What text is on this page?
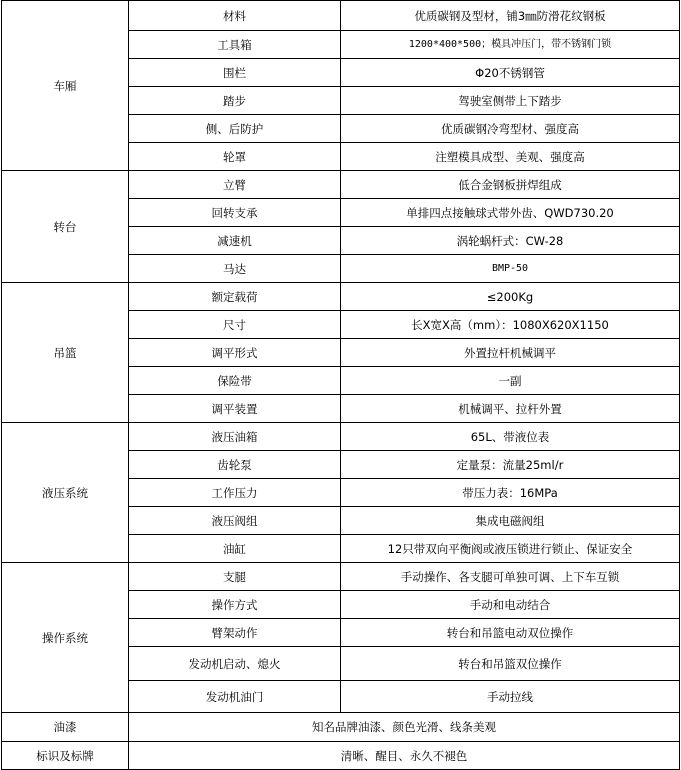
车厢	材料	优质碳钢及型材，铺3㎜防滑花纹钢板
	工具箱	1200*400*500；模具冲压门，带不锈钢门锁
	围栏	Φ20不锈钢管
	踏步	驾驶室侧带上下踏步
	侧、后防护	优质碳钢冷弯型材、强度高
	轮罩	注塑模具成型、美观、强度高
转台	立臂	低合金钢板拼焊组成
	回转支承	单排四点接触球式带外齿、QWD730.20
	减速机	涡轮蜗杆式：CW-28
	马达	BMP-50
吊篮	额定载荷	≤200Kg
	尺寸	长X宽X高（mm）：1080X620X1150
	调平形式	外置拉杆机械调平
	保险带	一副
	调平装置	机械调平、拉杆外置
液压系统	液压油箱	65L、带液位表
	齿轮泵	定量泵：流量25ml/r
	工作压力	带压力表：16MPa
	液压阀组	集成电磁阀组
	油缸	12只带双向平衡阀或液压锁进行锁止、保证安全
操作系统	支腿	手动操作、各支腿可单独可调、上下车互锁
	操作方式	手动和电动结合
	臂架动作	转台和吊篮电动双位操作
	发动机启动、熄火	转台和吊篮双位操作
	发动机油门	手动拉线
油漆	知名品牌油漆、颜色光滑、线条美观	
标识及标牌	清晰、醒目、永久不褪色	
